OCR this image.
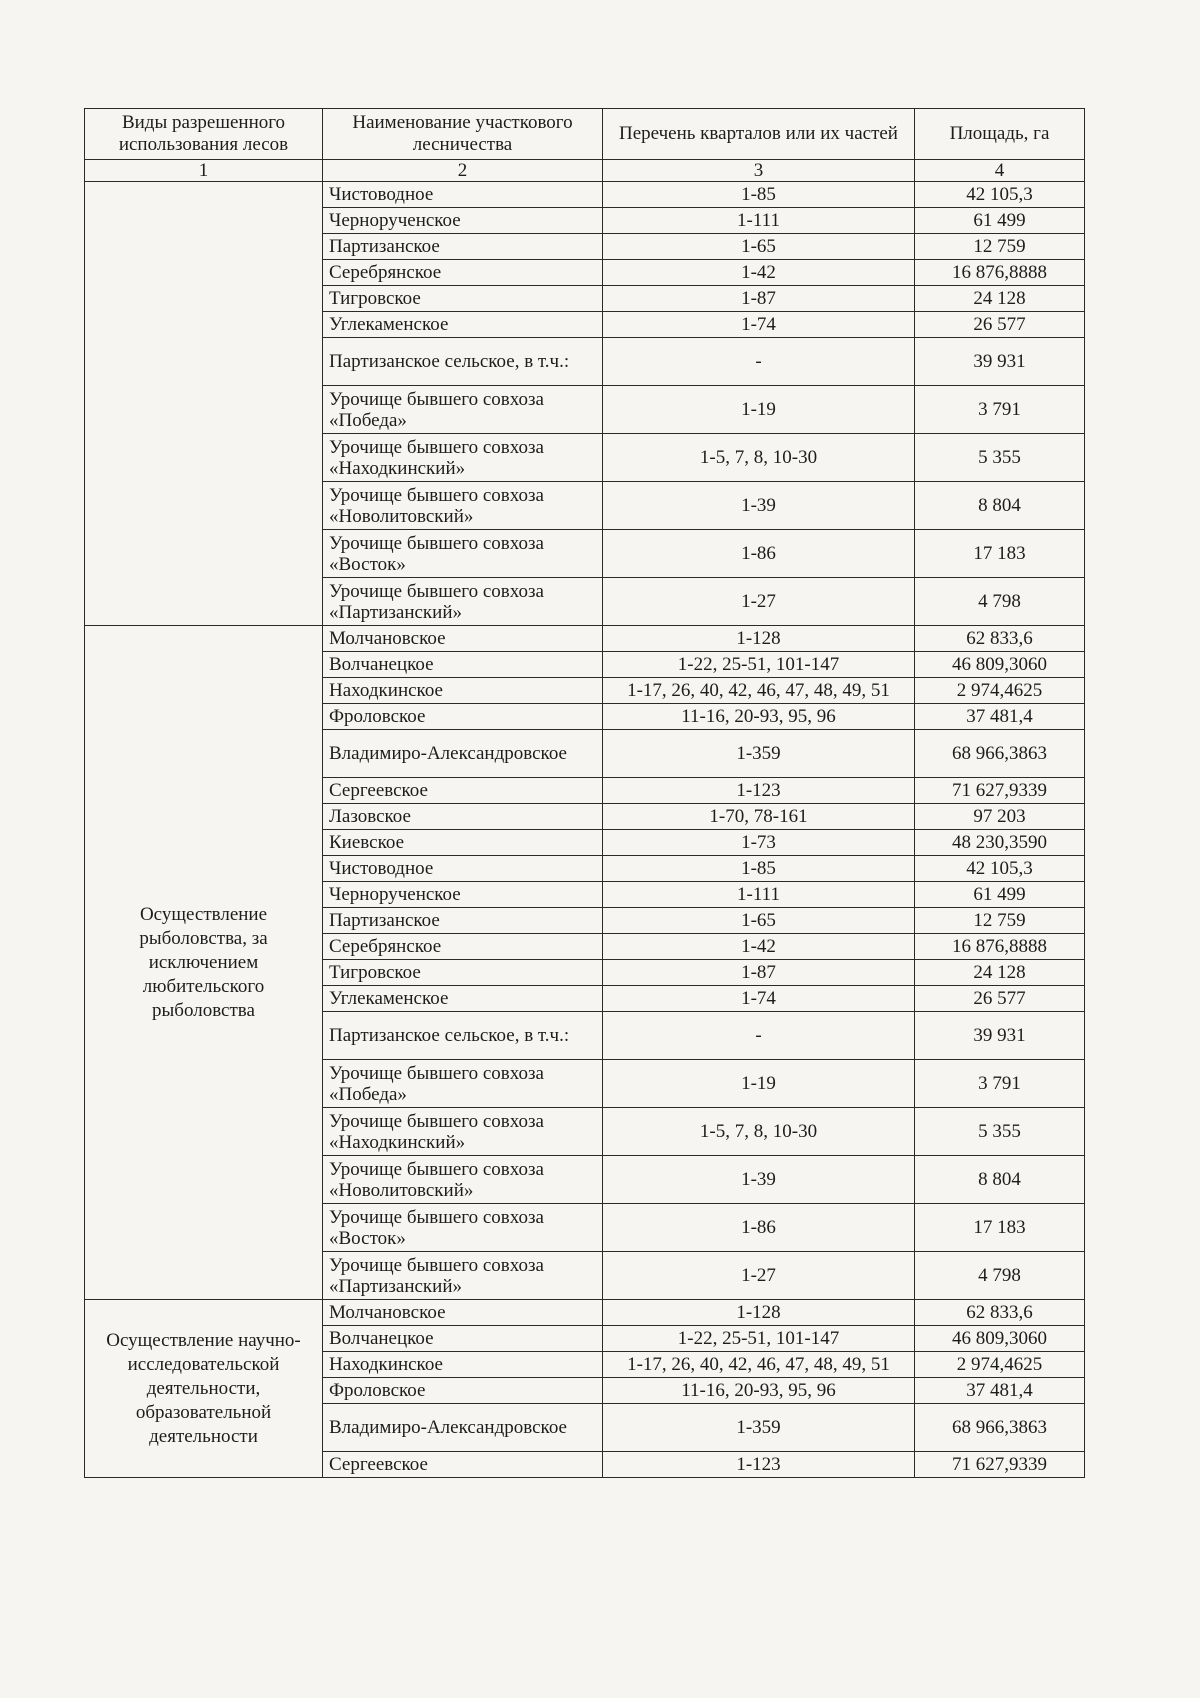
Виды разрешенного использования лесов	Наименование участкового лесничества	Перечень кварталов или их частей	Площадь, га
1	2	3	4
	Чистоводное	1-85	42 105,3
	Чернорученское	1-111	61 499
	Партизанское	1-65	12 759
	Серебрянское	1-42	16 876,8888
	Тигровское	1-87	24 128
	Углекаменское	1-74	26 577
	Партизанское сельское, в т.ч.:	-	39 931
	Урочище бывшего совхоза «Победа»	1-19	3 791
	Урочище бывшего совхоза «Находкинский»	1-5, 7, 8, 10-30	5 355
	Урочище бывшего совхоза «Новолитовский»	1-39	8 804
	Урочище бывшего совхоза «Восток»	1-86	17 183
	Урочище бывшего совхоза «Партизанский»	1-27	4 798
Осуществление рыболовства, за исключением любительского рыболовства	Молчановское	1-128	62 833,6
	Волчанецкое	1-22, 25-51, 101-147	46 809,3060
	Находкинское	1-17, 26, 40, 42, 46, 47, 48, 49, 51	2 974,4625
	Фроловское	11-16, 20-93, 95, 96	37 481,4
	Владимиро-Александровское	1-359	68 966,3863
	Сергеевское	1-123	71 627,9339
	Лазовское	1-70, 78-161	97 203
	Киевское	1-73	48 230,3590
	Чистоводное	1-85	42 105,3
	Чернорученское	1-111	61 499
	Партизанское	1-65	12 759
	Серебрянское	1-42	16 876,8888
	Тигровское	1-87	24 128
	Углекаменское	1-74	26 577
	Партизанское сельское, в т.ч.:	-	39 931
	Урочище бывшего совхоза «Победа»	1-19	3 791
	Урочище бывшего совхоза «Находкинский»	1-5, 7, 8, 10-30	5 355
	Урочище бывшего совхоза «Новолитовский»	1-39	8 804
	Урочище бывшего совхоза «Восток»	1-86	17 183
	Урочище бывшего совхоза «Партизанский»	1-27	4 798
Осуществление научно-исследовательской деятельности, образовательной деятельности	Молчановское	1-128	62 833,6
	Волчанецкое	1-22, 25-51, 101-147	46 809,3060
	Находкинское	1-17, 26, 40, 42, 46, 47, 48, 49, 51	2 974,4625
	Фроловское	11-16, 20-93, 95, 96	37 481,4
	Владимиро-Александровское	1-359	68 966,3863
	Сергеевское	1-123	71 627,9339
